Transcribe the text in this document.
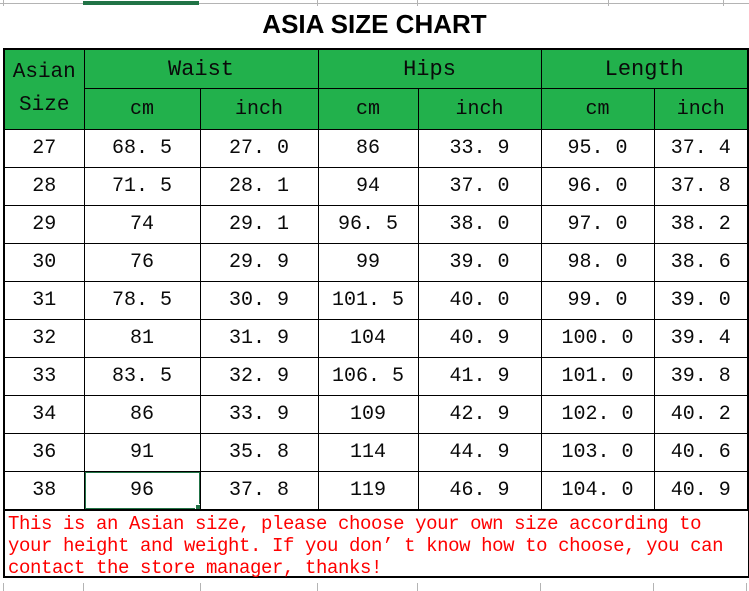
ASIA SIZE CHART
Asian
Size	Waist		Hips		Length	
	cm	inch	cm	inch	cm	inch
27	68. 5	27. 0	86	33. 9	95. 0	37. 4
28	71. 5	28. 1	94	37. 0	96. 0	37. 8
29	74	29. 1	96. 5	38. 0	97. 0	38. 2
30	76	29. 9	99	39. 0	98. 0	38. 6
31	78. 5	30. 9	101. 5	40. 0	99. 0	39. 0
32	81	31. 9	104	40. 9	100. 0	39. 4
33	83. 5	32. 9	106. 5	41. 9	101. 0	39. 8
34	86	33. 9	109	42. 9	102. 0	40. 2
36	91	35. 8	114	44. 9	103. 0	40. 6
38	96	37. 8	119	46. 9	104. 0	40. 9
This is an Asian size, please choose your own size according to
your height and weight. If you don’ t know how to choose, you can
contact the store manager, thanks!
